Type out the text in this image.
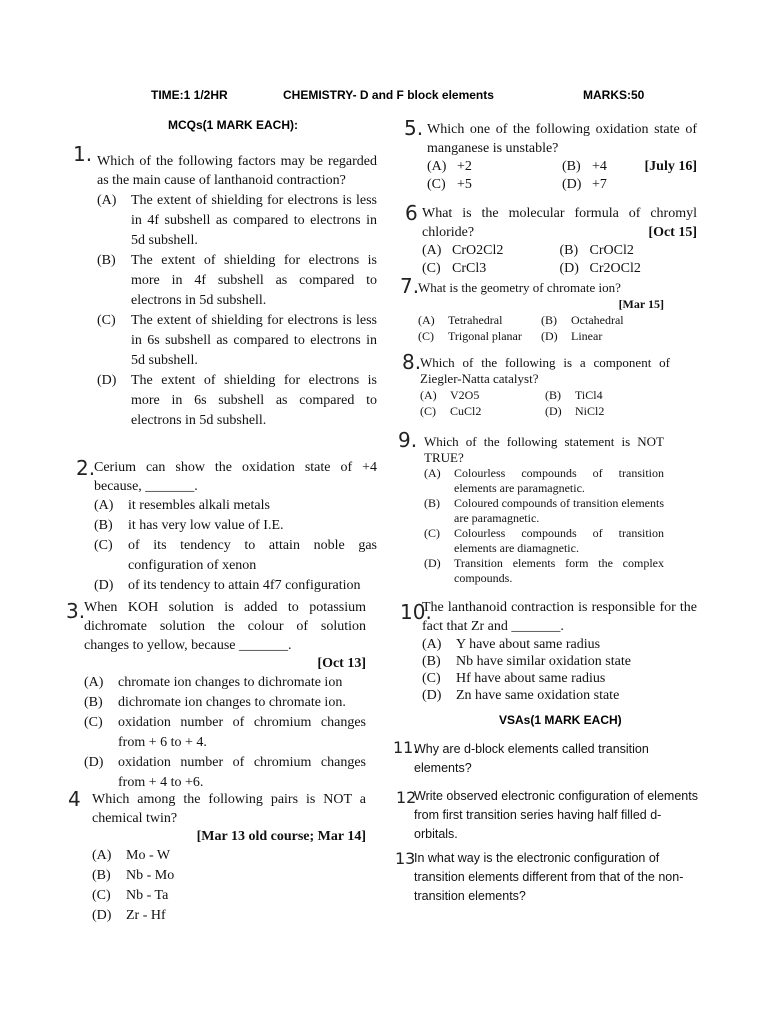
TIME:1 1/2HR	CHEMISTRY- D and F block elements	MARKS:50
MCQs(1 MARK EACH):
1. Which of the following factors may be regarded as the main cause of lanthanoid contraction?
(A)	The extent of shielding for electrons is less in 4f subshell as compared to electrons in 5d subshell.
(B)	The extent of shielding for electrons is more in 4f subshell as compared to electrons in 5d subshell.
(C)	The extent of shielding for electrons is less in 6s subshell as compared to electrons in 5d subshell.
(D)	The extent of shielding for electrons is more in 6s subshell as compared to electrons in 5d subshell.
2.
Cerium can show the oxidation state of +4 because, _______.
(A)	it resembles alkali metals
(B)	it has very low value of I.E.
(C)	of its tendency to attain noble gas configuration of xenon
(D)	of its tendency to attain 4f7 configuration
3.
When KOH solution is added to potassium dichromate solution the colour of solution changes to yellow, because _______.
[Oct 13]
(A)	chromate ion changes to dichromate ion
(B)	dichromate ion changes to chromate ion.
(C)	oxidation number of chromium changes from + 6 to + 4.
(D)	oxidation number of chromium changes from + 4 to +6.
4 Which among the following pairs is NOT a chemical twin?
[Mar 13 old course; Mar 14]
(A)	Mo - W
(B)	Nb - Mo
(C)	Nb - Ta
(D)	Zr - Hf
5. Which one of the following oxidation state of manganese is unstable?
(A) +2	(B) +4	[July 16]
(C) +5	(D) +7
6 What is the molecular formula of chromyl chloride?	[Oct 15]
(A) CrO2Cl2	(B) CrOCl2
(C) CrCl3	(D) Cr2OCl2
7.
What is the geometry of chromate ion?
[Mar 15]
(A)	Tetrahedral	(B)	Octahedral
(C)	Trigonal planar (D)	Linear
8.
Which of the following is a component of Ziegler-Natta catalyst?
(A)	V2O5	(B)	TiCl4
(C)	CuCl2	(D)	NiCl2
9. Which of the following statement is NOT TRUE?
(A)	Colourless compounds of transition elements are paramagnetic.
(B)	Coloured compounds of transition elements are paramagnetic.
(C)	Colourless compounds of transition elements are diamagnetic.
(D)	Transition elements form the complex compounds.
10.
The lanthanoid contraction is responsible for the fact that Zr and _______.
(A)	Y have about same radius
(B)	Nb have similar oxidation state
(C)	Hf have about same radius
(D)	Zn have same oxidation state
VSAs(1 MARK EACH)
11.
Why are d-block elements called transition elements?
12
Write observed electronic configuration of elements from first transition series having half filled d-orbitals.
13
In what way is the electronic configuration of transition elements different from that of the non-transition elements?
